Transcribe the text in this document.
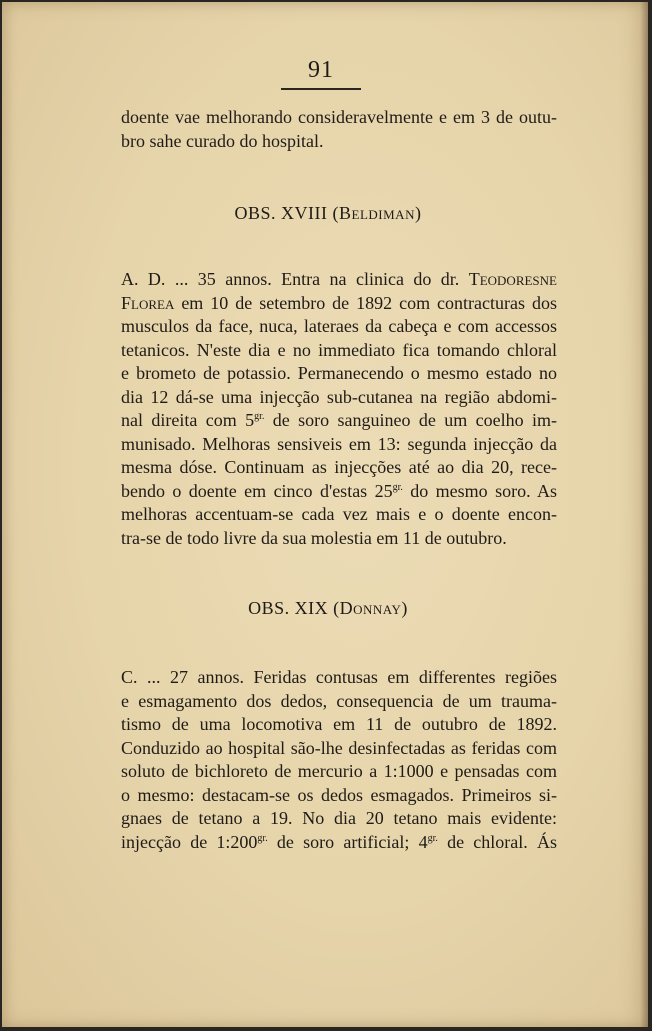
91
doente vae melhorando consideravelmente e em 3 de outu-
bro sahe curado do hospital.
OBS. XVIII (Beldiman)
A. D. ... 35 annos. Entra na clinica do dr. Teodoresne
Florea em 10 de setembro de 1892 com contracturas dos
musculos da face, nuca, lateraes da cabeça e com accessos
tetanicos. N'este dia e no immediato fica tomando chloral
e brometo de potassio. Permanecendo o mesmo estado no
dia 12 dá-se uma injecção sub-cutanea na região abdomi-
nal direita com $5^{gr.}$ de soro sanguineo de um coelho im-
munisado. Melhoras sensiveis em 13: segunda injecção da
mesma dóse. Continuam as injecções até ao dia 20, rece-
bendo o doente em cinco d'estas $25^{gr.}$ do mesmo soro. As
melhoras accentuam-se cada vez mais e o doente encon-
tra-se de todo livre da sua molestia em 11 de outubro.
OBS. XIX (Donnay)
C. ... 27 annos. Feridas contusas em differentes regiões
e esmagamento dos dedos, consequencia de um trauma-
tismo de uma locomotiva em 11 de outubro de 1892.
Conduzido ao hospital são-lhe desinfectadas as feridas com
soluto de bichloreto de mercurio a 1:1000 e pensadas com
o mesmo: destacam-se os dedos esmagados. Primeiros si-
gnaes de tetano a 19. No dia 20 tetano mais evidente:
injecção de $1:200^{gr.}$ de soro artificial; $4^{gr.}$ de chloral. Ás
